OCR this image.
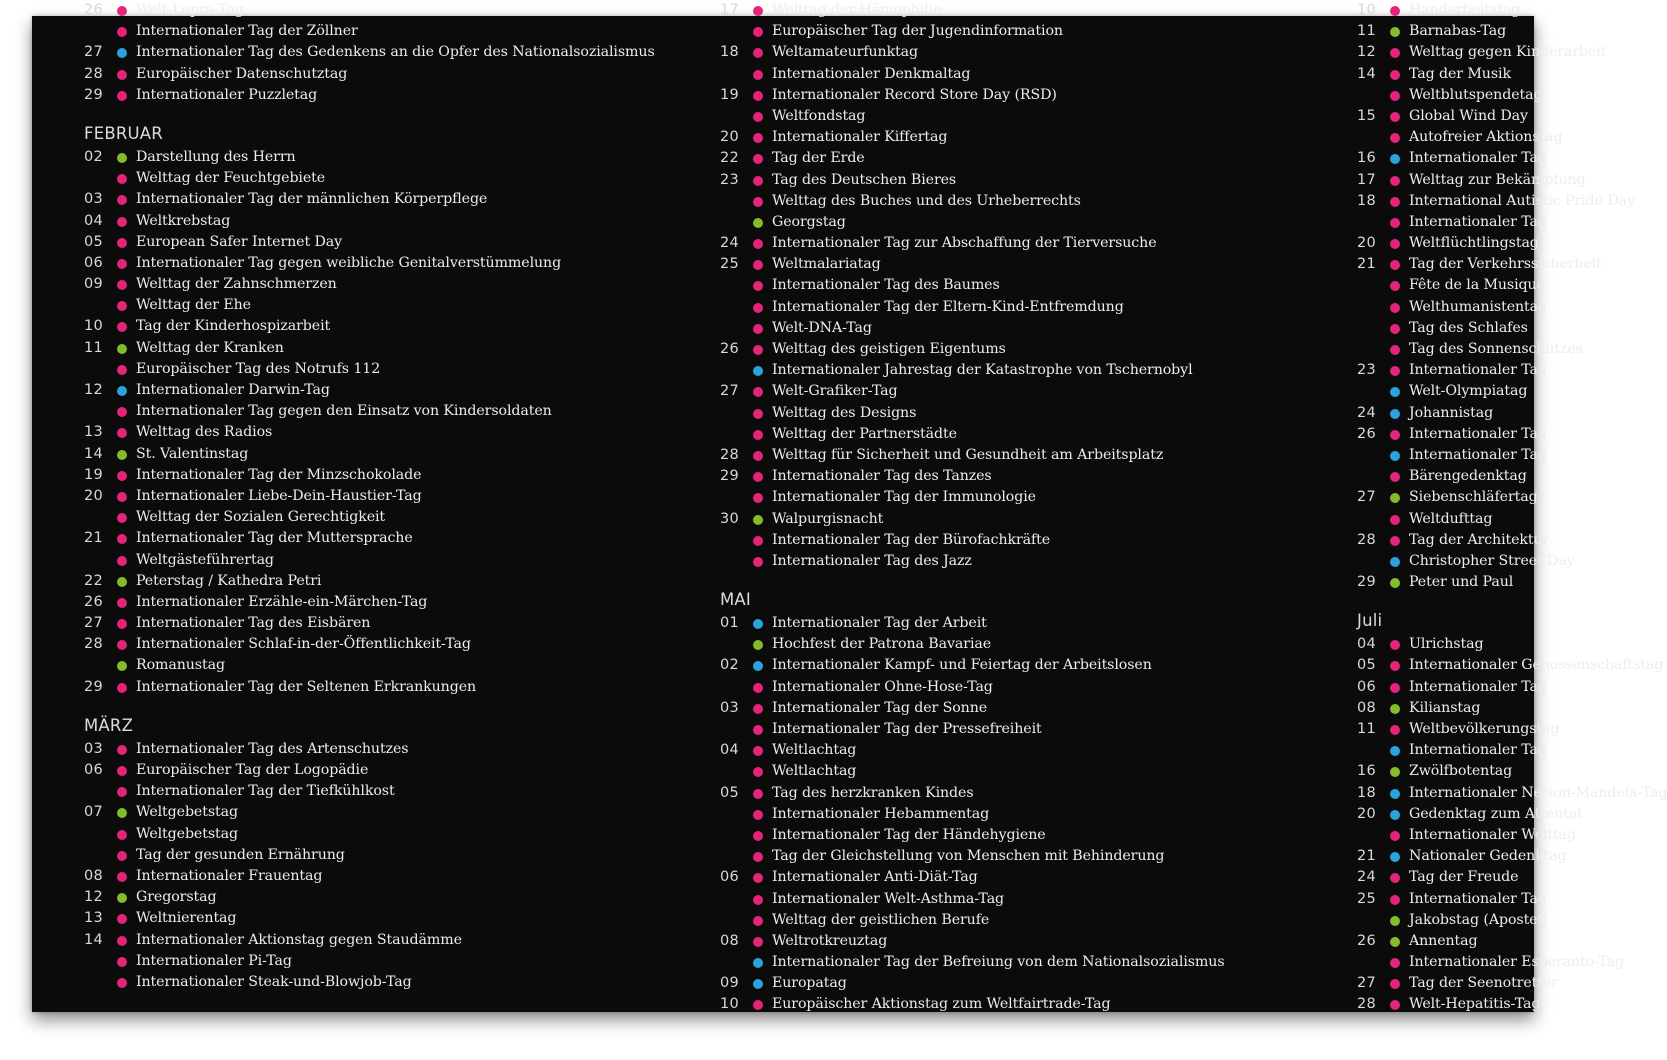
26 Welt-Lepra-Tag
Internationaler Tag der Zöllner
27 Internationaler Tag des Gedenkens an die Opfer des Nationalsozialismus
28 Europäischer Datenschutztag
29 Internationaler Puzzletag
FEBRUAR
02 Darstellung des Herrn
Welttag der Feuchtgebiete
03 Internationaler Tag der männlichen Körperpflege
04 Weltkrebstag
05 European Safer Internet Day
06 Internationaler Tag gegen weibliche Genitalverstümmelung
09 Welttag der Zahnschmerzen
Welttag der Ehe
10 Tag der Kinderhospizarbeit
11 Welttag der Kranken
Europäischer Tag des Notrufs 112
12 Internationaler Darwin-Tag
Internationaler Tag gegen den Einsatz von Kindersoldaten
13 Welttag des Radios
14 St. Valentinstag
19 Internationaler Tag der Minzschokolade
20 Internationaler Liebe-Dein-Haustier-Tag
Welttag der Sozialen Gerechtigkeit
21 Internationaler Tag der Muttersprache
Weltgästeführertag
22 Peterstag / Kathedra Petri
26 Internationaler Erzähle-ein-Märchen-Tag
27 Internationaler Tag des Eisbären
28 Internationaler Schlaf-in-der-Öffentlichkeit-Tag
Romanustag
29 Internationaler Tag der Seltenen Erkrankungen
MÄRZ
03 Internationaler Tag des Artenschutzes
06 Europäischer Tag der Logopädie
Internationaler Tag der Tiefkühlkost
07 Weltgebetstag
Weltgebetstag
Tag der gesunden Ernährung
08 Internationaler Frauentag
12 Gregorstag
13 Weltnierentag
14 Internationaler Aktionstag gegen Staudämme
Internationaler Pi-Tag
Internationaler Steak-und-Blowjob-Tag
17 Welttag der Hämophilie
Europäischer Tag der Jugendinformation
18 Weltamateurfunktag
Internationaler Denkmaltag
19 Internationaler Record Store Day (RSD)
Weltfondstag
20 Internationaler Kiffertag
22 Tag der Erde
23 Tag des Deutschen Bieres
Welttag des Buches und des Urheberrechts
Georgstag
24 Internationaler Tag zur Abschaffung der Tierversuche
25 Weltmalariatag
Internationaler Tag des Baumes
Internationaler Tag der Eltern-Kind-Entfremdung
Welt-DNA-Tag
26 Welttag des geistigen Eigentums
Internationaler Jahrestag der Katastrophe von Tschernobyl
27 Welt-Grafiker-Tag
Welttag des Designs
Welttag der Partnerstädte
28 Welttag für Sicherheit und Gesundheit am Arbeitsplatz
29 Internationaler Tag des Tanzes
Internationaler Tag der Immunologie
30 Walpurgisnacht
Internationaler Tag der Bürofachkräfte
Internationaler Tag des Jazz
MAI
01 Internationaler Tag der Arbeit
Hochfest der Patrona Bavariae
02 Internationaler Kampf- und Feiertag der Arbeitslosen
Internationaler Ohne-Hose-Tag
03 Internationaler Tag der Sonne
Internationaler Tag der Pressefreiheit
04 Weltlachtag
Weltlachtag
05 Tag des herzkranken Kindes
Internationaler Hebammentag
Internationaler Tag der Händehygiene
Tag der Gleichstellung von Menschen mit Behinderung
06 Internationaler Anti-Diät-Tag
Internationaler Welt-Asthma-Tag
Welttag der geistlichen Berufe
08 Weltrotkreuztag
Internationaler Tag der Befreiung von dem Nationalsozialismus
09 Europatag
10 Europäischer Aktionstag zum Weltfairtrade-Tag
10 Handarbeitstag
11 Barnabas-Tag
12 Welttag gegen Kinderarbeit
14 Tag der Musik
Weltblutspendetag
15 Global Wind Day
Autofreier Aktionstag
16 Internationaler Tag
17 Welttag zur Bekämpfung
18 International Autistic Pride Day
Internationaler Tag
20 Weltflüchtlingstag
21 Tag der Verkehrssicherheit
Fête de la Musique
Welthumanistentag
Tag des Schlafes
Tag des Sonnenschutzes
23 Internationaler Tag
Welt-Olympiatag
24 Johannistag
26 Internationaler Tag
Internationaler Tag
Bärengedenktag
27 Siebenschläfertag
Weltdufttag
28 Tag der Architektur
Christopher Street Day
29 Peter und Paul
Juli
04 Ulrichstag
05 Internationaler Genossenschaftstag
06 Internationaler Tag
08 Kilianstag
11 Weltbevölkerungstag
Internationaler Tag
16 Zwölfbotentag
18 Internationaler Nelson-Mandela-Tag
20 Gedenktag zum Attentat
Internationaler Welttag
21 Nationaler Gedenktag
24 Tag der Freude
25 Internationaler Tag
Jakobstag (Apostel)
26 Annentag
Internationaler Esperanto-Tag
27 Tag der Seenotretter
28 Welt-Hepatitis-Tag
